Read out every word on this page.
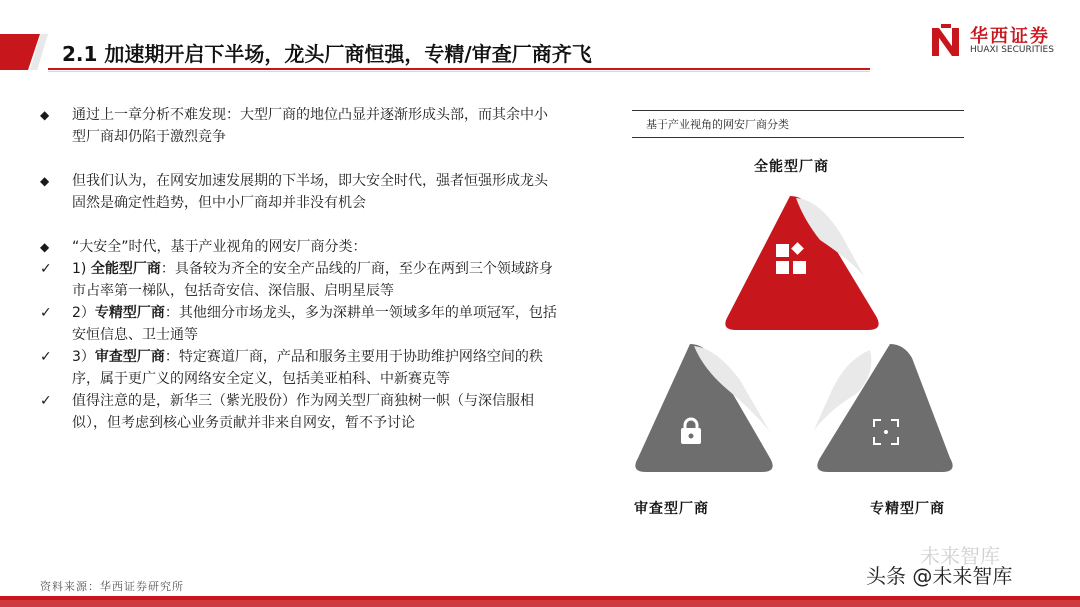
2.1 加速期开启下半场，龙头厂商恒强，专精/审查厂商齐飞
华西证券
HUAXI SECURITIES
◆ 通过上一章分析不难发现：大型厂商的地位凸显并逐渐形成头部，而其余中小型厂商却仍陷于激烈竞争
◆ 但我们认为，在网安加速发展期的下半场，即大安全时代，强者恒强形成龙头固然是确定性趋势，但中小厂商却并非没有机会
◆ “大安全”时代，基于产业视角的网安厂商分类：
✓ 1) 全能型厂商：具备较为齐全的安全产品线的厂商，至少在两到三个领域跻身市占率第一梯队，包括奇安信、深信服、启明星辰等
✓ 2）专精型厂商：其他细分市场龙头，多为深耕单一领域多年的单项冠军，包括安恒信息、卫士通等
✓ 3）审查型厂商：特定赛道厂商，产品和服务主要用于协助维护网络空间的秩序，属于更广义的网络安全定义，包括美亚柏科、中新赛克等
✓ 值得注意的是，新华三（紫光股份）作为网关型厂商独树一帜（与深信服相似），但考虑到核心业务贡献并非来自网安，暂不予讨论
基于产业视角的网安厂商分类
全能型厂商
审查型厂商	专精型厂商
资料来源：华西证券研究所
未来智库
头条 @未来智库
